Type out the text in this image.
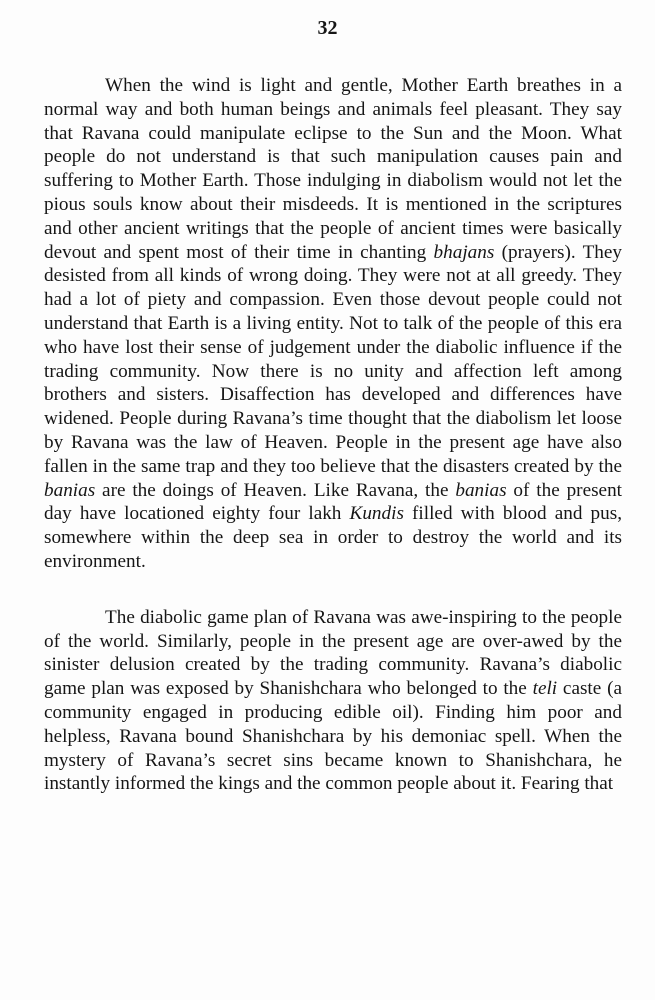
32

When the wind is light and gentle, Mother Earth breathes in a normal way and both human beings and animals feel pleasant. They say that Ravana could manipulate eclipse to the Sun and the Moon. What people do not understand is that such manipulation causes pain and suffering to Mother Earth. Those indulging in diabolism would not let the pious souls know about their misdeeds. It is mentioned in the scriptures and other ancient writings that the people of ancient times were basically devout and spent most of their time in chanting bhajans (prayers). They desisted from all kinds of wrong doing. They were not at all greedy. They had a lot of piety and compassion. Even those devout people could not understand that Earth is a living entity. Not to talk of the people of this era who have lost their sense of judgement under the diabolic influence if the trading community. Now there is no unity and affection left among brothers and sisters. Disaffection has developed and differences have widened. People during Ravana’s time thought that the diabolism let loose by Ravana was the law of Heaven. People in the present age have also fallen in the same trap and they too believe that the disasters created by the banias are the doings of Heaven. Like Ravana, the banias of the present day have locationed eighty four lakh Kundis filled with blood and pus, somewhere within the deep sea in order to destroy the world and its environment.

The diabolic game plan of Ravana was awe-inspiring to the people of the world. Similarly, people in the present age are over-awed by the sinister delusion created by the trading community. Ravana’s diabolic game plan was exposed by Shanishchara who belonged to the teli caste (a community engaged in producing edible oil). Finding him poor and helpless, Ravana bound Shanishchara by his demoniac spell. When the mystery of Ravana’s secret sins became known to Shanishchara, he instantly informed the kings and the common people about it. Fearing that
